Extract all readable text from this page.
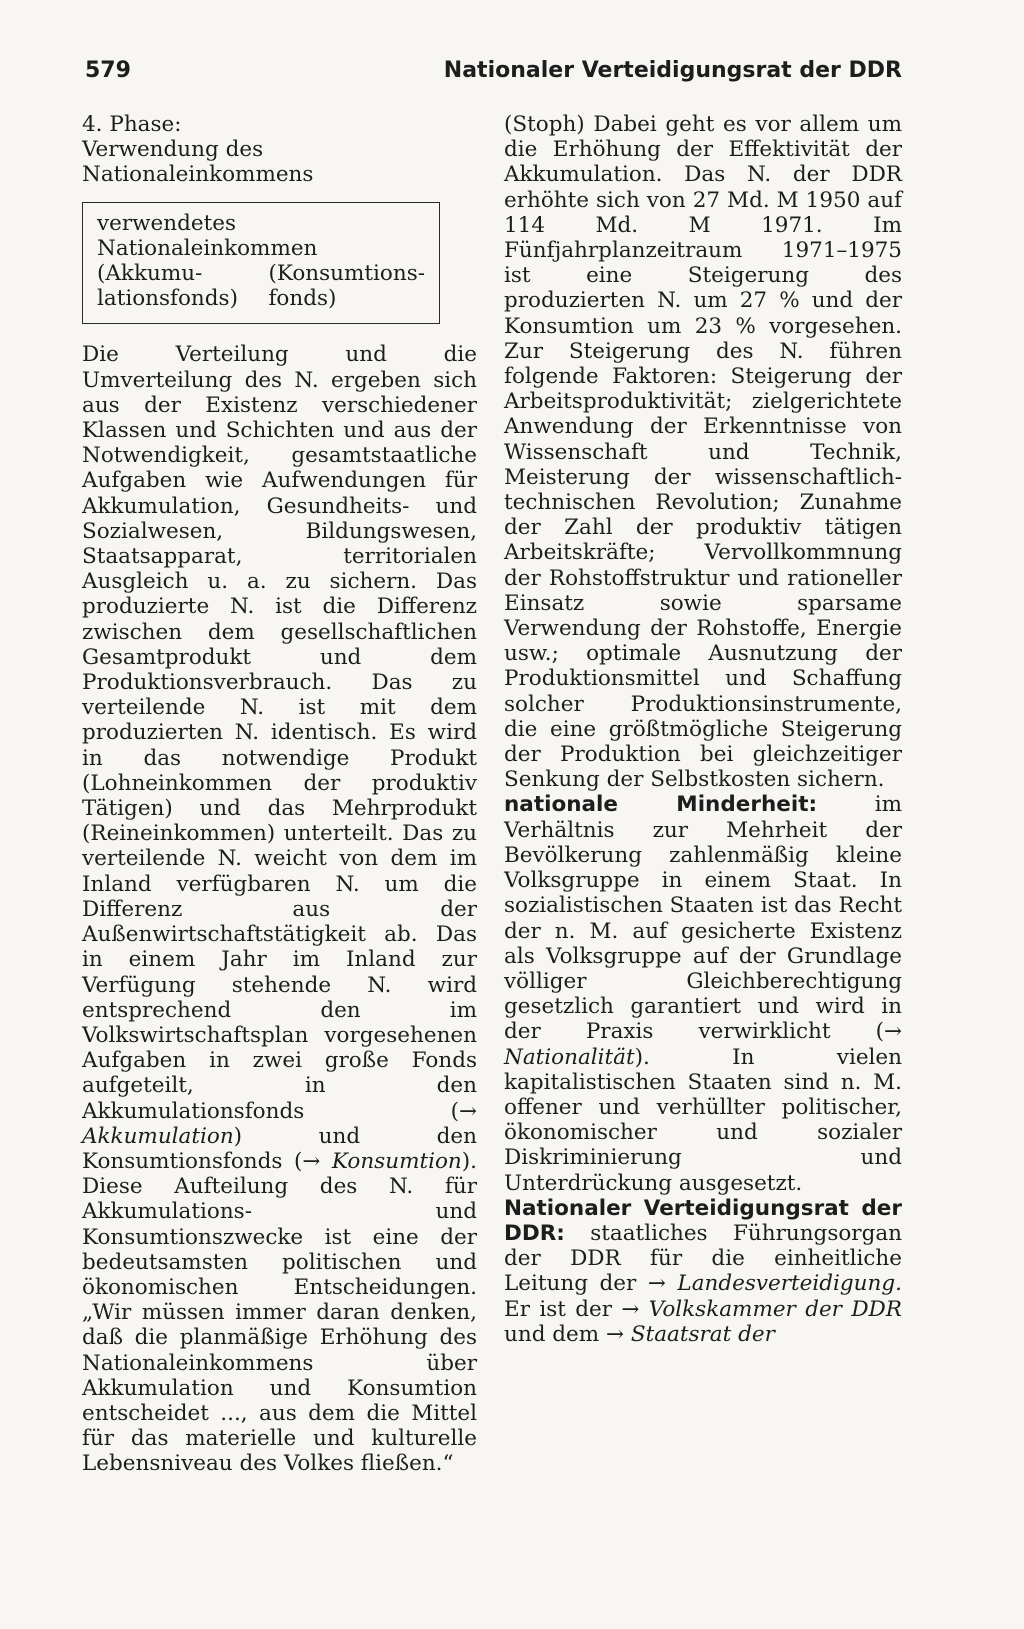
579	Nationaler Verteidigungsrat der DDR
4. Phase:
Verwendung des
Nationaleinkommens
verwendetes
Nationaleinkommen
(Akkumu-
lationsfonds)
(Konsumtions-
fonds)

Die Verteilung und die Umverteilung des N. ergeben sich aus der Existenz verschiedener Klassen und Schichten und aus der Notwendigkeit, gesamtstaatliche Aufgaben wie Aufwendungen für Akkumulation, Gesundheits- und Sozialwesen, Bildungswesen, Staatsapparat, territorialen Ausgleich u. a. zu sichern. Das produzierte N. ist die Differenz zwischen dem gesellschaftlichen Gesamtprodukt und dem Produktionsverbrauch. Das zu verteilende N. ist mit dem produzierten N. identisch. Es wird in das notwendige Produkt (Lohneinkommen der produktiv Tätigen) und das Mehrprodukt (Reineinkommen) unterteilt. Das zu verteilende N. weicht von dem im Inland verfügbaren N. um die Differenz aus der Außenwirtschaftstätigkeit ab. Das in einem Jahr im Inland zur Verfügung stehende N. wird entsprechend den im Volkswirtschaftsplan vorgesehenen Aufgaben in zwei große Fonds aufgeteilt, in den Akkumulationsfonds (→ Akkumulation) und den Konsumtionsfonds (→ Konsumtion). Diese Aufteilung des N. für Akkumulations- und Konsumtionszwecke ist eine der bedeutsamsten politischen und ökonomischen Entscheidungen. „Wir müssen immer daran denken, daß die planmäßige Erhöhung des Nationaleinkommens über Akkumulation und Konsumtion entscheidet ..., aus dem die Mittel für das materielle und kulturelle Lebensniveau des Volkes fließen.“

(Stoph) Dabei geht es vor allem um die Erhöhung der Effektivität der Akkumulation. Das N. der DDR erhöhte sich von 27 Md. M 1950 auf 114 Md. M 1971. Im Fünfjahrplanzeitraum 1971–1975 ist eine Steigerung des produzierten N. um 27 % und der Konsumtion um 23 % vorgesehen. Zur Steigerung des N. führen folgende Faktoren: Steigerung der Arbeitsproduktivität; zielgerichtete Anwendung der Erkenntnisse von Wissenschaft und Technik, Meisterung der wissenschaftlich-technischen Revolution; Zunahme der Zahl der produktiv tätigen Arbeitskräfte; Vervollkommnung der Rohstoffstruktur und rationeller Einsatz sowie sparsame Verwendung der Rohstoffe, Energie usw.; optimale Ausnutzung der Produktionsmittel und Schaffung solcher Produktionsinstrumente, die eine größtmögliche Steigerung der Produktion bei gleichzeitiger Senkung der Selbstkosten sichern.

nationale Minderheit: im Verhältnis zur Mehrheit der Bevölkerung zahlenmäßig kleine Volksgruppe in einem Staat. In sozialistischen Staaten ist das Recht der n. M. auf gesicherte Existenz als Volksgruppe auf der Grundlage völliger Gleichberechtigung gesetzlich garantiert und wird in der Praxis verwirklicht (→ Nationalität). In vielen kapitalistischen Staaten sind n. M. offener und verhüllter politischer, ökonomischer und sozialer Diskriminierung und Unterdrückung ausgesetzt.

Nationaler Verteidigungsrat der DDR: staatliches Führungsorgan der DDR für die einheitliche Leitung der → Landesverteidigung. Er ist der → Volkskammer der DDR und dem → Staatsrat der
